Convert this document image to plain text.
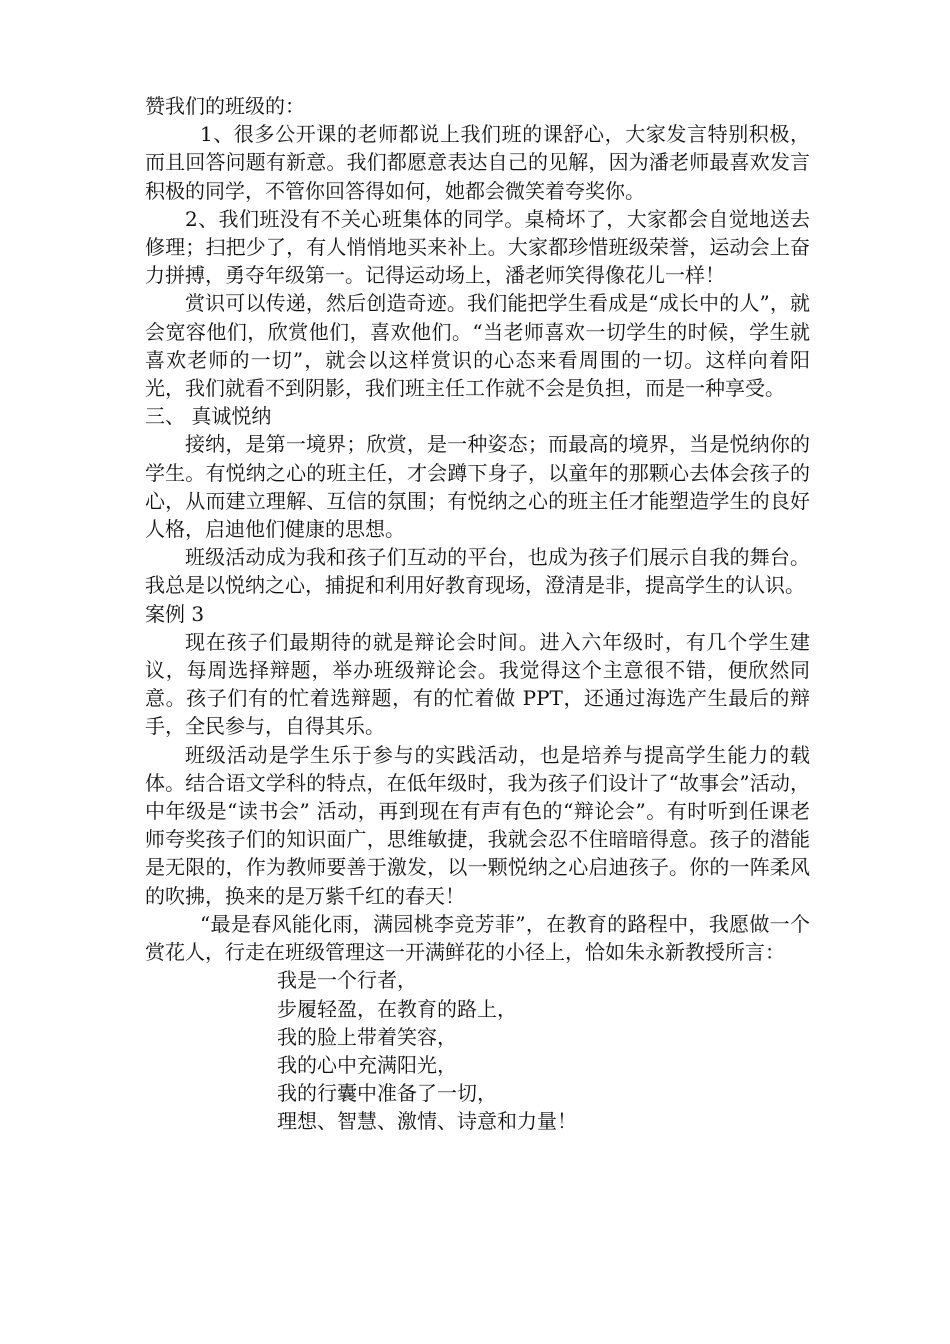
赞我们的班级的：

1、很多公开课的老师都说上我们班的课舒心，大家发言特别积极，而且回答问题有新意。我们都愿意表达自己的见解，因为潘老师最喜欢发言积极的同学，不管你回答得如何，她都会微笑着夸奖你。

2、我们班没有不关心班集体的同学。桌椅坏了，大家都会自觉地送去修理；扫把少了，有人悄悄地买来补上。大家都珍惜班级荣誉，运动会上奋力拼搏，勇夺年级第一。记得运动场上，潘老师笑得像花儿一样！

赏识可以传递，然后创造奇迹。我们能把学生看成是“成长中的人”，就会宽容他们，欣赏他们，喜欢他们。“当老师喜欢一切学生的时候，学生就喜欢老师的一切”，就会以这样赏识的心态来看周围的一切。这样向着阳光，我们就看不到阴影，我们班主任工作就不会是负担，而是一种享受。

三、 真诚悦纳

接纳，是第一境界；欣赏，是一种姿态；而最高的境界，当是悦纳你的学生。有悦纳之心的班主任，才会蹲下身子，以童年的那颗心去体会孩子的心，从而建立理解、互信的氛围；有悦纳之心的班主任才能塑造学生的良好人格，启迪他们健康的思想。

班级活动成为我和孩子们互动的平台，也成为孩子们展示自我的舞台。我总是以悦纳之心，捕捉和利用好教育现场，澄清是非，提高学生的认识。

案例 3

现在孩子们最期待的就是辩论会时间。进入六年级时，有几个学生建议，每周选择辩题，举办班级辩论会。我觉得这个主意很不错，便欣然同意。孩子们有的忙着选辩题，有的忙着做 PPT，还通过海选产生最后的辩手，全民参与，自得其乐。

班级活动是学生乐于参与的实践活动，也是培养与提高学生能力的载体。结合语文学科的特点，在低年级时，我为孩子们设计了“故事会”活动，中年级是“读书会” 活动，再到现在有声有色的“辩论会”。有时听到任课老师夸奖孩子们的知识面广，思维敏捷，我就会忍不住暗暗得意。孩子的潜能是无限的，作为教师要善于激发，以一颗悦纳之心启迪孩子。你的一阵柔风的吹拂，换来的是万紫千红的春天！

“最是春风能化雨，满园桃李竞芳菲”，在教育的路程中，我愿做一个赏花人，行走在班级管理这一开满鲜花的小径上，恰如朱永新教授所言：

我是一个行者，
步履轻盈，在教育的路上，
我的脸上带着笑容，
我的心中充满阳光，
我的行囊中准备了一切，
理想、智慧、激情、诗意和力量！
